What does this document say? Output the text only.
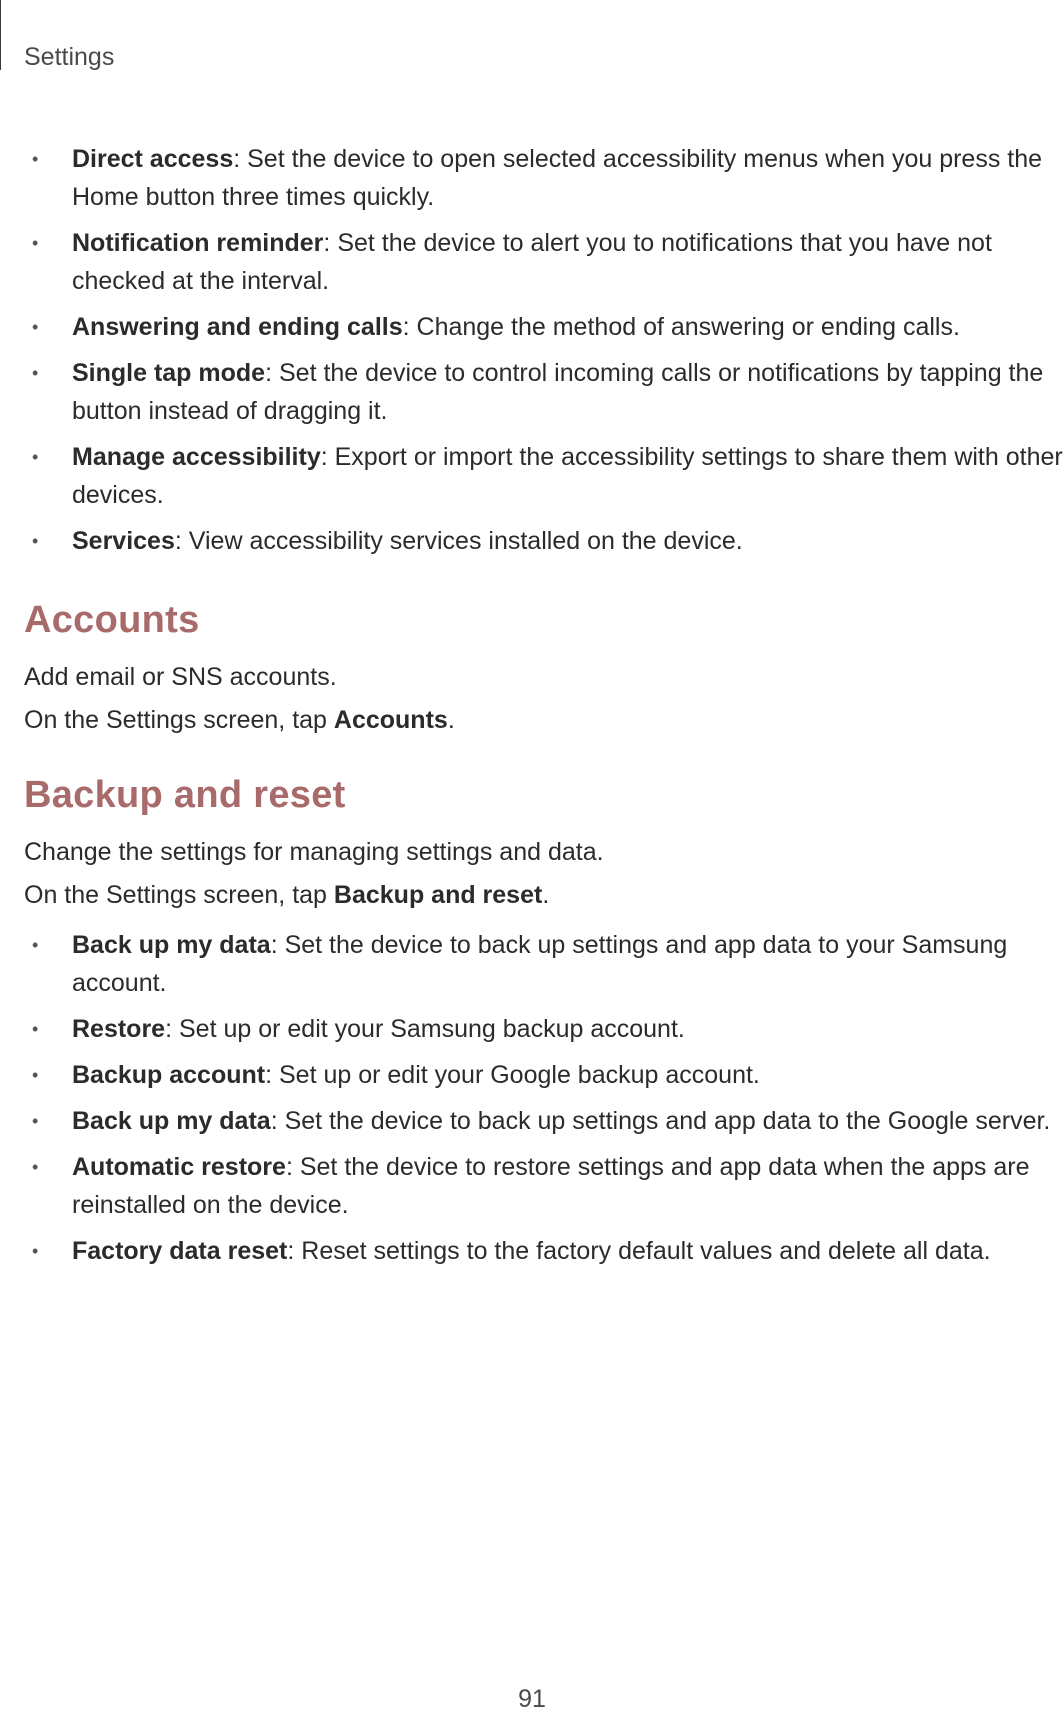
Settings
• Direct access: Set the device to open selected accessibility menus when you press the Home button three times quickly.
• Notification reminder: Set the device to alert you to notifications that you have not checked at the interval.
• Answering and ending calls: Change the method of answering or ending calls.
• Single tap mode: Set the device to control incoming calls or notifications by tapping the button instead of dragging it.
• Manage accessibility: Export or import the accessibility settings to share them with other devices.
• Services: View accessibility services installed on the device.
Accounts

Add email or SNS accounts.

On the Settings screen, tap Accounts.

Backup and reset

Change the settings for managing settings and data.

On the Settings screen, tap Backup and reset.

• Back up my data: Set the device to back up settings and app data to your Samsung account.
• Restore: Set up or edit your Samsung backup account.
• Backup account: Set up or edit your Google backup account.
• Back up my data: Set the device to back up settings and app data to the Google server.
• Automatic restore: Set the device to restore settings and app data when the apps are reinstalled on the device.
• Factory data reset: Reset settings to the factory default values and delete all data.
91
